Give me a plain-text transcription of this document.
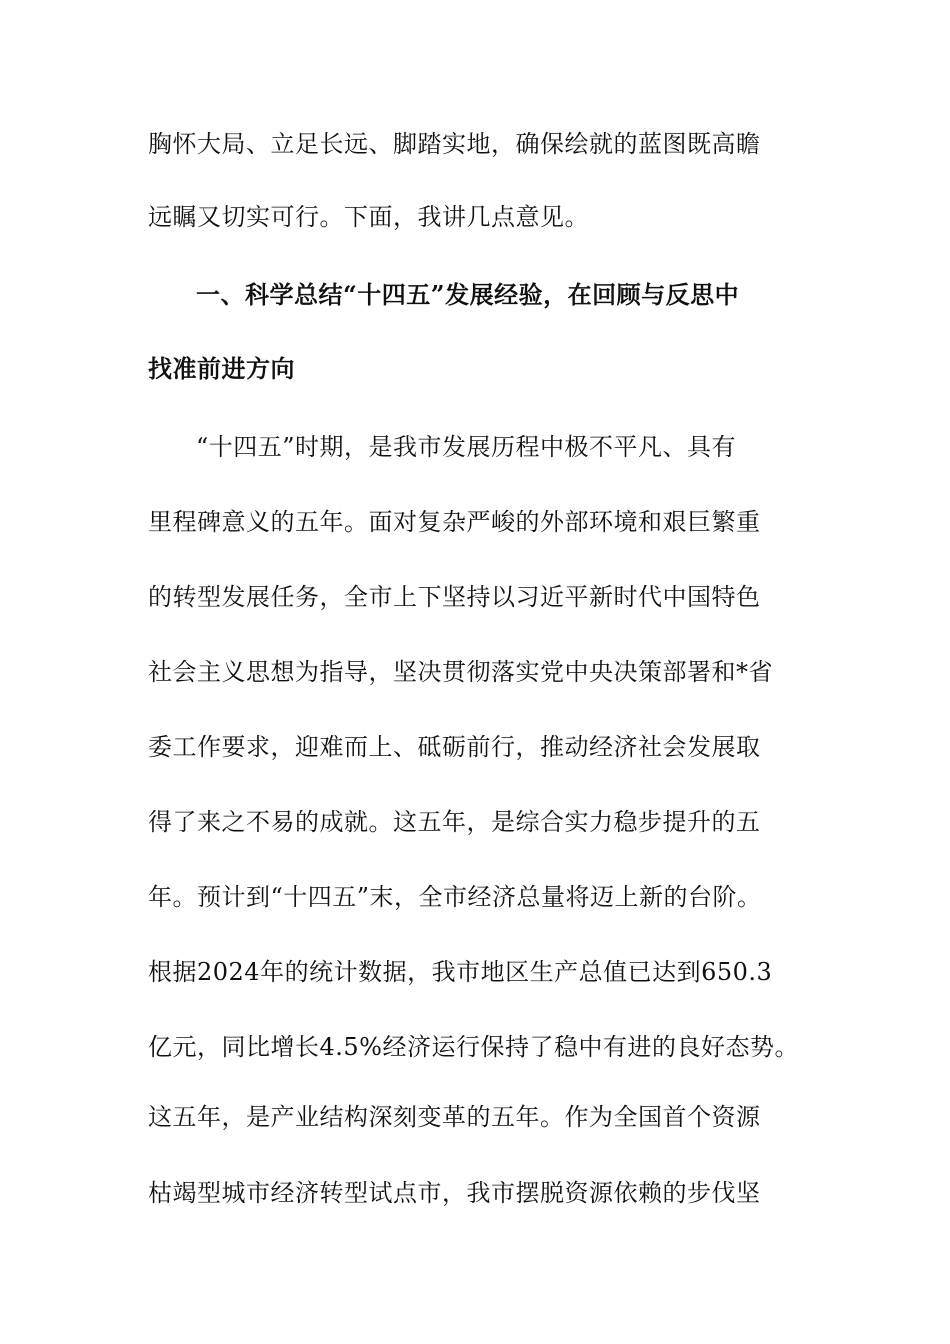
胸怀大局、立足长远、脚踏实地，确保绘就的蓝图既高瞻
远瞩又切实可行。下面，我讲几点意见。
一、科学总结“十四五”发展经验，在回顾与反思中
找准前进方向
“十四五”时期，是我市发展历程中极不平凡、具有
里程碑意义的五年。面对复杂严峻的外部环境和艰巨繁重
的转型发展任务，全市上下坚持以习近平新时代中国特色
社会主义思想为指导，坚决贯彻落实党中央决策部署和*省
委工作要求，迎难而上、砥砺前行，推动经济社会发展取
得了来之不易的成就。这五年，是综合实力稳步提升的五
年。预计到“十四五”末，全市经济总量将迈上新的台阶。
根据2024年的统计数据，我市地区生产总值已达到650.3
亿元，同比增长4.5%经济运行保持了稳中有进的良好态势。
这五年，是产业结构深刻变革的五年。作为全国首个资源
枯竭型城市经济转型试点市，我市摆脱资源依赖的步伐坚
